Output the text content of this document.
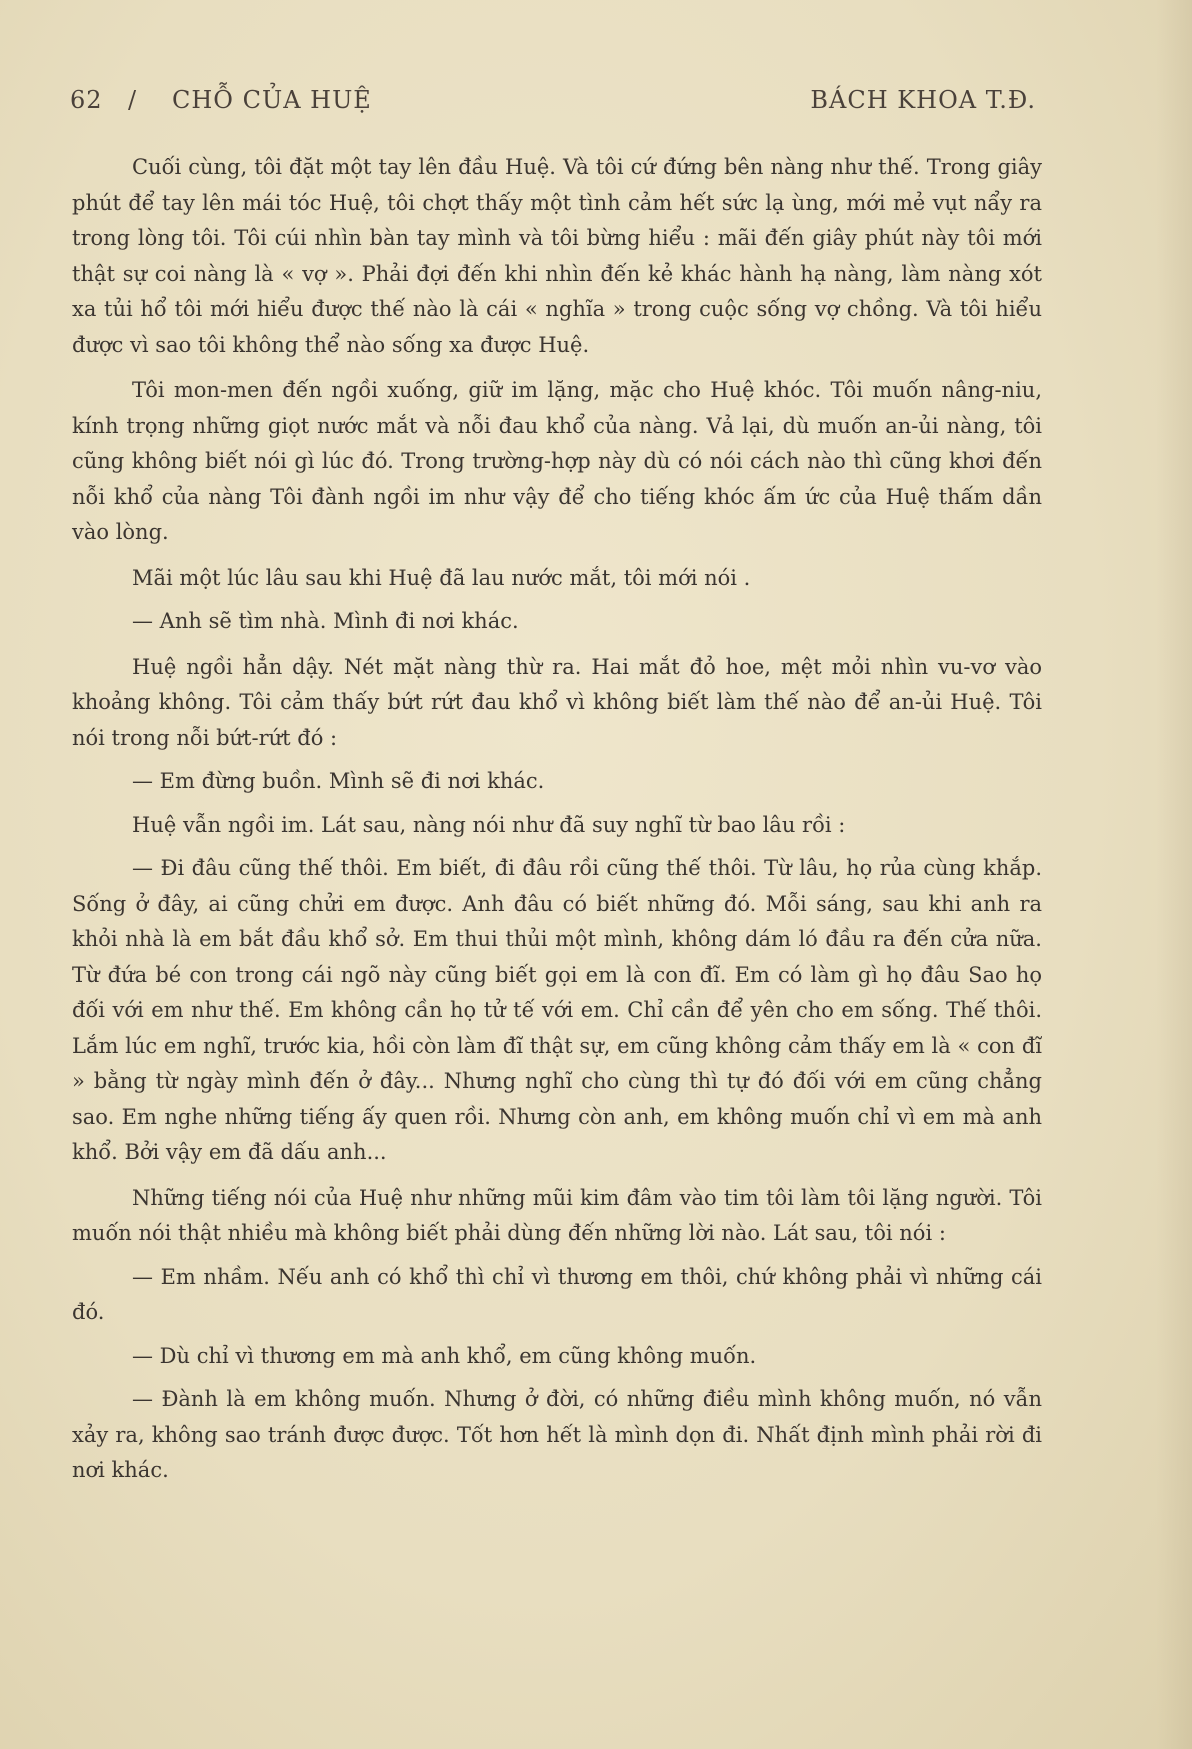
62 / CHỖ CỦA HUỆ	BÁCH KHOA T.Đ.

Cuối cùng, tôi đặt một tay lên đầu Huệ. Và tôi cứ đứng bên nàng như thế. Trong giây phút để tay lên mái tóc Huệ, tôi chợt thấy một tình cảm hết sức lạ ùng, mới mẻ vụt nẩy ra trong lòng tôi. Tôi cúi nhìn bàn tay mình và tôi bừng hiểu : mãi đến giây phút này tôi mới thật sự coi nàng là « vợ ». Phải đợi đến khi nhìn đến kẻ khác hành hạ nàng, làm nàng xót xa tủi hổ tôi mới hiểu được thế nào là cái « nghĩa » trong cuộc sống vợ chồng. Và tôi hiểu được vì sao tôi không thể nào sống xa được Huệ.

Tôi mon-men đến ngồi xuống, giữ im lặng, mặc cho Huệ khóc. Tôi muốn nâng-niu, kính trọng những giọt nước mắt và nỗi đau khổ của nàng. Vả lại, dù muốn an-ủi nàng, tôi cũng không biết nói gì lúc đó. Trong trường-hợp này dù có nói cách nào thì cũng khơi đến nỗi khổ của nàng Tôi đành ngồi im như vậy để cho tiếng khóc ấm ức của Huệ thấm dần vào lòng.

Mãi một lúc lâu sau khi Huệ đã lau nước mắt, tôi mới nói .

— Anh sẽ tìm nhà. Mình đi nơi khác.

Huệ ngồi hẳn dậy. Nét mặt nàng thừ ra. Hai mắt đỏ hoe, mệt mỏi nhìn vu-vơ vào khoảng không. Tôi cảm thấy bứt rứt đau khổ vì không biết làm thế nào để an-ủi Huệ. Tôi nói trong nỗi bứt-rứt đó :

— Em đừng buồn. Mình sẽ đi nơi khác.

Huệ vẫn ngồi im. Lát sau, nàng nói như đã suy nghĩ từ bao lâu rồi :

— Đi đâu cũng thế thôi. Em biết, đi đâu rồi cũng thế thôi. Từ lâu, họ rủa cùng khắp. Sống ở đây, ai cũng chửi em được. Anh đâu có biết những đó. Mỗi sáng, sau khi anh ra khỏi nhà là em bắt đầu khổ sở. Em thui thủi một mình, không dám ló đầu ra đến cửa nữa. Từ đứa bé con trong cái ngõ này cũng biết gọi em là con đĩ. Em có làm gì họ đâu Sao họ đối với em như thế. Em không cần họ tử tế với em. Chỉ cần để yên cho em sống. Thế thôi. Lắm lúc em nghĩ, trước kia, hồi còn làm đĩ thật sự, em cũng không cảm thấy em là « con đĩ » bằng từ ngày mình đến ở đây... Nhưng nghĩ cho cùng thì tự đó đối với em cũng chẳng sao. Em nghe những tiếng ấy quen rồi. Nhưng còn anh, em không muốn chỉ vì em mà anh khổ. Bởi vậy em đã dấu anh...

Những tiếng nói của Huệ như những mũi kim đâm vào tim tôi làm tôi lặng người. Tôi muốn nói thật nhiều mà không biết phải dùng đến những lời nào. Lát sau, tôi nói :

— Em nhầm. Nếu anh có khổ thì chỉ vì thương em thôi, chứ không phải vì những cái đó.

— Dù chỉ vì thương em mà anh khổ, em cũng không muốn.

— Đành là em không muốn. Nhưng ở đời, có những điều mình không muốn, nó vẫn xảy ra, không sao tránh được được. Tốt hơn hết là mình dọn đi. Nhất định mình phải rời đi nơi khác.
